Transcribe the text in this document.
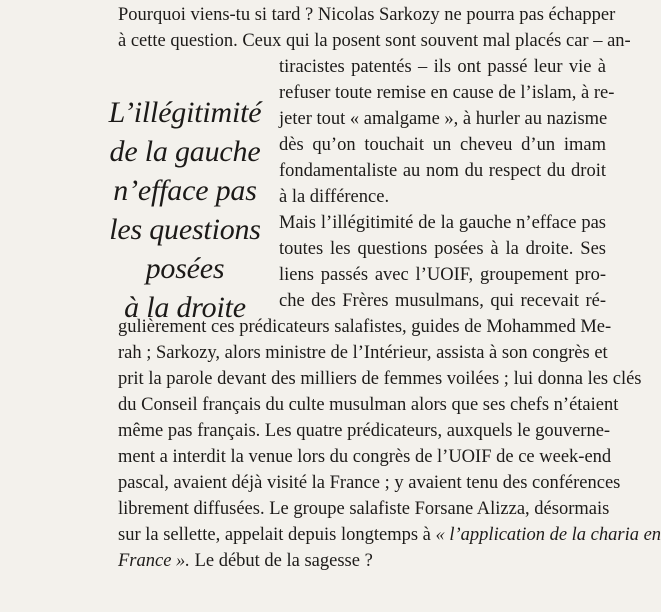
Pourquoi viens-tu si tard ? Nicolas Sarkozy ne pourra pas échapper
à cette question. Ceux qui la posent sont souvent mal placés car – an-
tiracistes patentés – ils ont passé leur vie à
refuser toute remise en cause de l’islam, à re-
jeter tout « amalgame », à hurler au nazisme
dès qu’on touchait un cheveu d’un imam
fondamentaliste au nom du respect du droit
à la différence.
Mais l’illégitimité de la gauche n’efface pas
toutes les questions posées à la droite. Ses
liens passés avec l’UOIF, groupement pro-
che des Frères musulmans, qui recevait ré-
gulièrement ces prédicateurs salafistes, guides de Mohammed Me-
rah ; Sarkozy, alors ministre de l’Intérieur, assista à son congrès et
prit la parole devant des milliers de femmes voilées ; lui donna les clés
du Conseil français du culte musulman alors que ses chefs n’étaient
même pas français. Les quatre prédicateurs, auxquels le gouverne-
ment a interdit la venue lors du congrès de l’UOIF de ce week-end
pascal, avaient déjà visité la France ; y avaient tenu des conférences
librement diffusées. Le groupe salafiste Forsane Alizza, désormais
sur la sellette, appelait depuis longtemps à « l’application de la charia en
France ». Le début de la sagesse ?
L’illégitimité
de la gauche
n’efface pas
les questions
posées
à la droite
